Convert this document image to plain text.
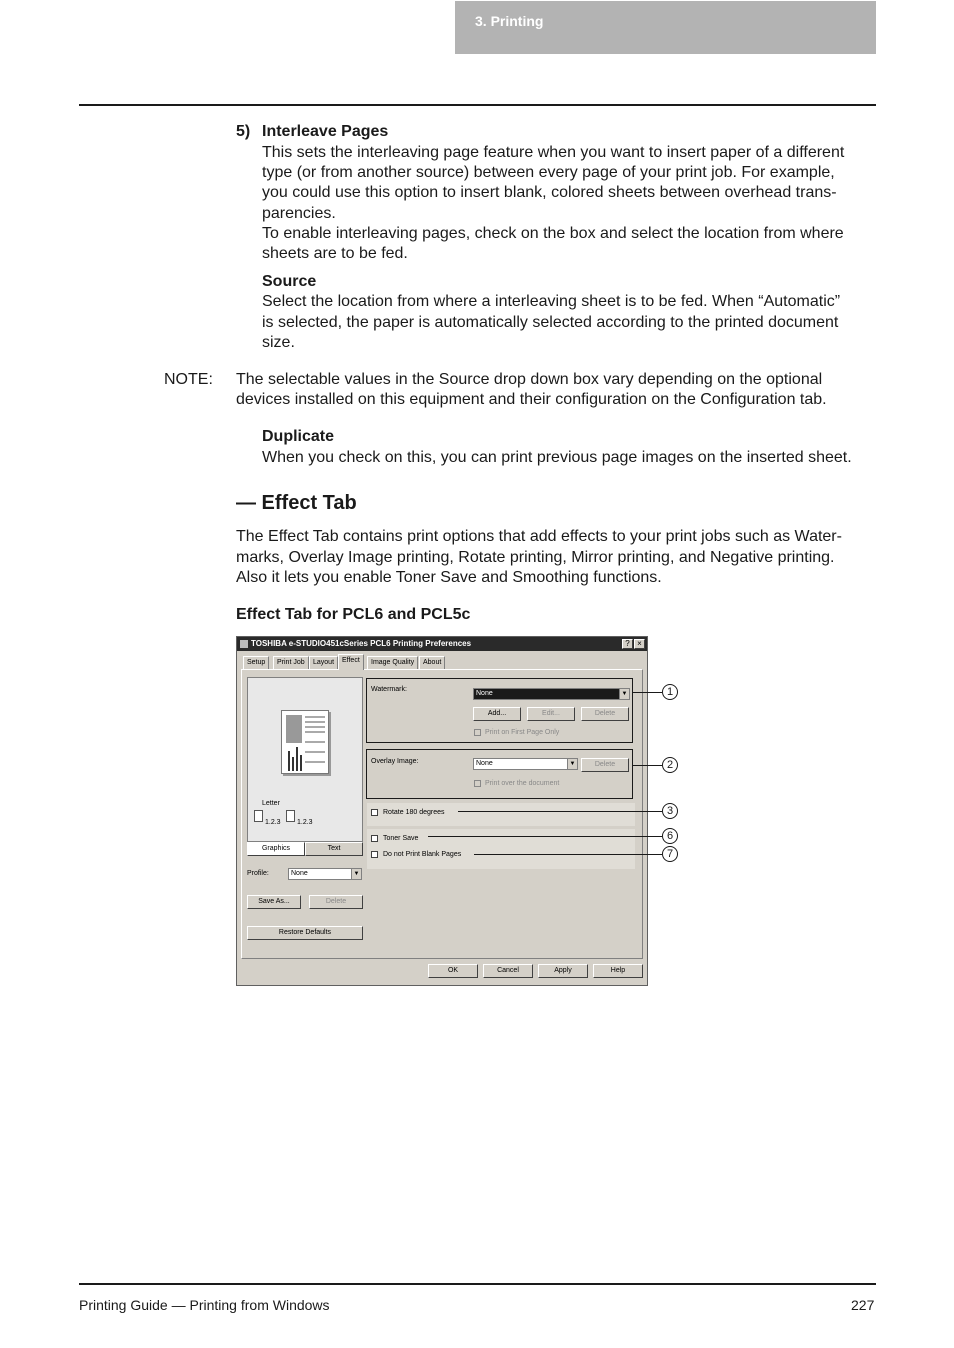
3. Printing
5) Interleave Pages
This sets the interleaving page feature when you want to insert paper of a different
type (or from another source) between every page of your print job. For example,
you could use this option to insert blank, colored sheets between overhead trans-
parencies.
To enable interleaving pages, check on the box and select the location from where
sheets are to be fed.
Source
Select the location from where a interleaving sheet is to be fed. When “Automatic”
is selected, the paper is automatically selected according to the printed document
size.
NOTE: The selectable values in the Source drop down box vary depending on the optional
devices installed on this equipment and their configuration on the Configuration tab.
Duplicate
When you check on this, you can print previous page images on the inserted sheet.
— Effect Tab
The Effect Tab contains print options that add effects to your print jobs such as Water-
marks, Overlay Image printing, Rotate printing, Mirror printing, and Negative printing.
Also it lets you enable Toner Save and Smoothing functions.
Effect Tab for PCL6 and PCL5c
TOSHIBA e-STUDIO451cSeries PCL6 Printing Preferences	? ×
Setup	Print Job	Layout	Effect	Image Quality	About
Letter
1.2.3 1.2.3
Graphics	Text
Profile:	None	▼
Save As...	Delete
Restore Defaults
Watermark:
None	▼
Add...	Edit...	Delete
Print on First Page Only
Overlay Image:	None	▼	Delete
Print over the document
Rotate 180 degrees
Toner Save
Do not Print Blank Pages
OK	Cancel	Apply	Help
1
2
3
6
7
Printing Guide — Printing from Windows	227
